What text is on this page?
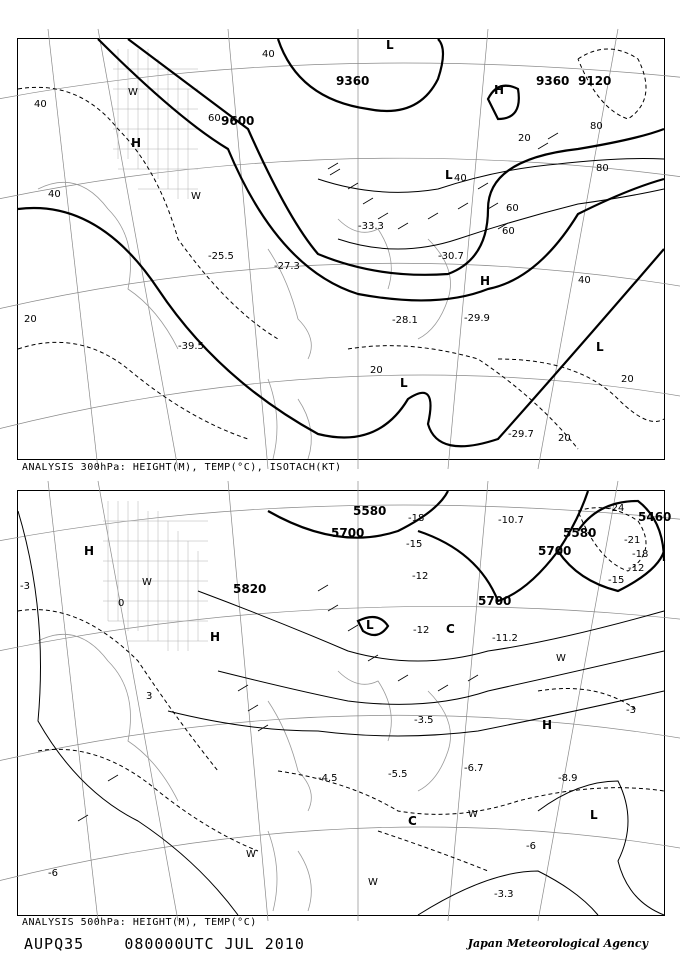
9360
9600
9360 9120
40
40
20
40
60
80
60
20
20
40
20
20
40
60
80
H
H
H
L
L
L
L
W
W
-33.3
-29.9
-28.1
-30.7
-39.5
-29.7
-27.3
-25.5
ANALYSIS 300hPa: HEIGHT(M), TEMP(°C), ISOTACH(KT)
5580
5700
5700
5580
5460
5700
5820
-18
-15
-12
-12
-24
-21
-18
-15
-12
-6
-3
0
3
-6
-3
H
H
H
L
L
C
C
W
W
W
W
W
-4.5	-5.5	-8.9
-3.3
-6.7
-11.2
-10.7
-3.5
ANALYSIS 500hPa: HEIGHT(M), TEMP(°C)
AUPQ35	080000UTC JUL 2010	Japan Meteorological Agency
